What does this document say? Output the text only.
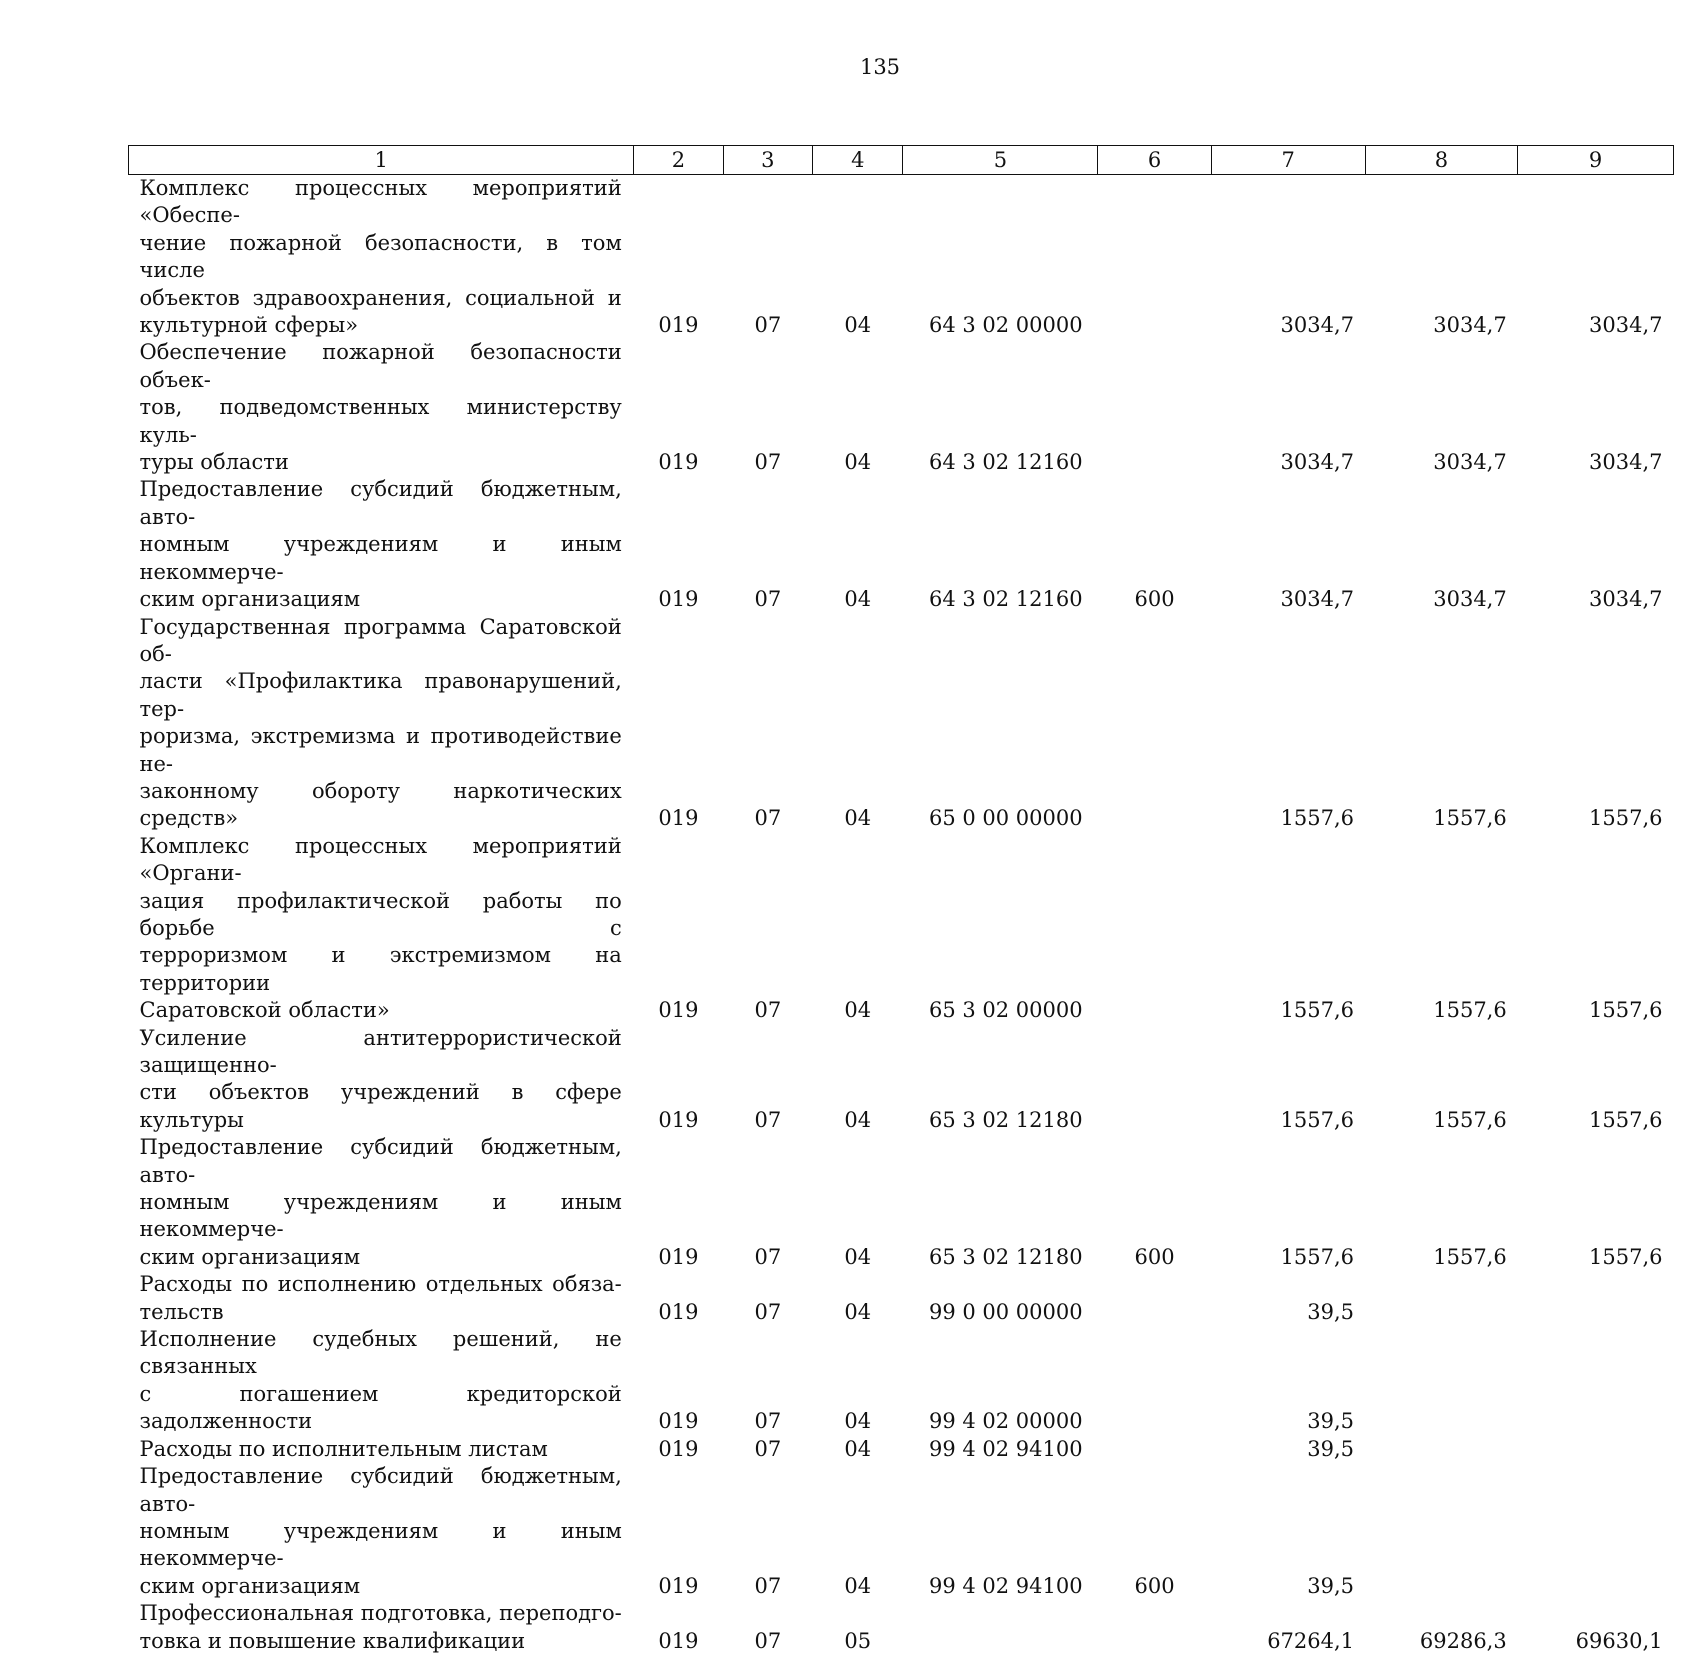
135
1	2	3	4	5	6	7	8	9

Комплекс процессных мероприятий «Обеспе-
чение пожарной безопасности, в том числе
объектов здравоохранения, социальной и
культурной сферы»	019	07	04	64 3 02 00000		3034,7	3034,7	3034,7

Обеспечение пожарной безопасности объек-
тов, подведомственных министерству куль-
туры области	019	07	04	64 3 02 12160		3034,7	3034,7	3034,7

Предоставление субсидий бюджетным, авто-
номным учреждениям и иным некоммерче-
ским организациям	019	07	04	64 3 02 12160	600	3034,7	3034,7	3034,7

Государственная программа Саратовской об-
ласти «Профилактика правонарушений, тер-
роризма, экстремизма и противодействие не-
законному обороту наркотических средств»	019	07	04	65 0 00 00000		1557,6	1557,6	1557,6

Комплекс процессных мероприятий «Органи-
зация профилактической работы по борьбе с
терроризмом и экстремизмом на территории
Саратовской области»	019	07	04	65 3 02 00000		1557,6	1557,6	1557,6

Усиление антитеррористической защищенно-
сти объектов учреждений в сфере культуры	019	07	04	65 3 02 12180		1557,6	1557,6	1557,6

Предоставление субсидий бюджетным, авто-
номным учреждениям и иным некоммерче-
ским организациям	019	07	04	65 3 02 12180	600	1557,6	1557,6	1557,6

Расходы по исполнению отдельных обяза-
тельств	019	07	04	99 0 00 00000		39,5		

Исполнение судебных решений, не связанных
с погашением кредиторской задолженности	019	07	04	99 4 02 00000		39,5		

Расходы по исполнительным листам	019	07	04	99 4 02 94100		39,5		

Предоставление субсидий бюджетным, авто-
номным учреждениям и иным некоммерче-
ским организациям	019	07	04	99 4 02 94100	600	39,5		

Профессиональная подготовка, переподго-
товка и повышение квалификации	019	07	05			67264,1	69286,3	69630,1
